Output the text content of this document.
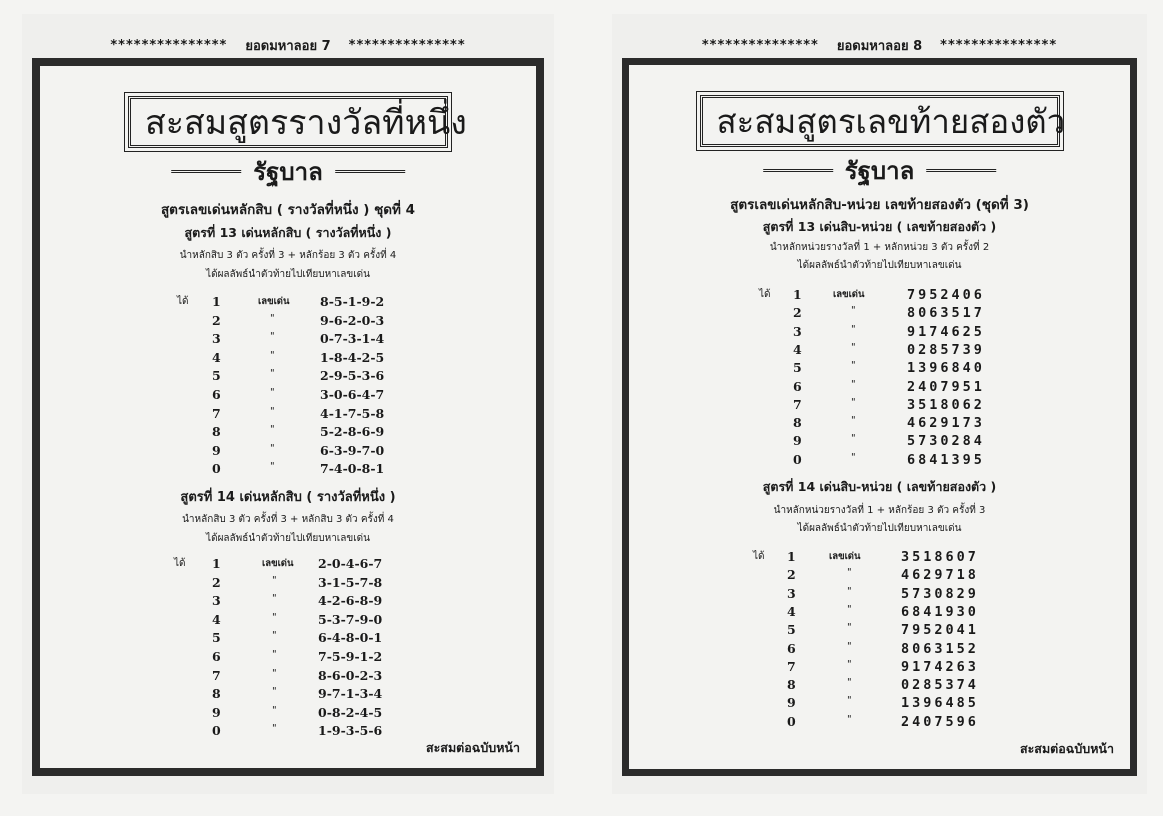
*************** ยอดมหาลอย 7 ***************
สะสมสูตรรางวัลที่หนึ่ง
รัฐบาล
สูตรเลขเด่นหลักสิบ ( รางวัลที่หนึ่ง ) ชุดที่ 4
สูตรที่ 13 เด่นหลักสิบ ( รางวัลที่หนึ่ง )
นำหลักสิบ 3 ตัว ครั้งที่ 3 + หลักร้อย 3 ตัว ครั้งที่ 4
ได้ผลลัพธ์นำตัวท้ายไปเทียบหาเลขเด่น
ได้ 1	เลขเด่น 8-5-1-9-2
2	"	9-6-2-0-3
3	"	0-7-3-1-4
4	"	1-8-4-2-5
5	"	2-9-5-3-6
6	"	3-0-6-4-7
7	"	4-1-7-5-8
8	"	5-2-8-6-9
9	"	6-3-9-7-0
0	"	7-4-0-8-1
สูตรที่ 14 เด่นหลักสิบ ( รางวัลที่หนึ่ง )
นำหลักสิบ 3 ตัว ครั้งที่ 3 + หลักสิบ 3 ตัว ครั้งที่ 4
ได้ผลลัพธ์นำตัวท้ายไปเทียบหาเลขเด่น
ได้ 1	เลขเด่น 2-0-4-6-7
2	"	3-1-5-7-8
3	"	4-2-6-8-9
4	"	5-3-7-9-0
5	"	6-4-8-0-1
6	"	7-5-9-1-2
7	"	8-6-0-2-3
8	"	9-7-1-3-4
9	"	0-8-2-4-5
0	"	1-9-3-5-6
สะสมต่อฉบับหน้า
*************** ยอดมหาลอย 8 ***************
สะสมสูตรเลขท้ายสองตัว
รัฐบาล
สูตรเลขเด่นหลักสิบ-หน่วย เลขท้ายสองตัว (ชุดที่ 3)
สูตรที่ 13 เด่นสิบ-หน่วย ( เลขท้ายสองตัว )
นำหลักหน่วยรางวัลที่ 1 + หลักหน่วย 3 ตัว ครั้งที่ 2
ได้ผลลัพธ์นำตัวท้ายไปเทียบหาเลขเด่น
ได้ 1	เลขเด่น	7952406
2	"	8063517
3	"	9174625
4	"	0285739
5	"	1396840
6	"	2407951
7	"	3518062
8	"	4629173
9	"	5730284
0	"	6841395
สูตรที่ 14 เด่นสิบ-หน่วย ( เลขท้ายสองตัว )
นำหลักหน่วยรางวัลที่ 1 + หลักร้อย 3 ตัว ครั้งที่ 3
ได้ผลลัพธ์นำตัวท้ายไปเทียบหาเลขเด่น
ได้ 1	เลขเด่น	3518607
2	"	4629718
3	"	5730829
4	"	6841930
5	"	7952041
6	"	8063152
7	"	9174263
8	"	0285374
9	"	1396485
0	"	2407596
สะสมต่อฉบับหน้า
